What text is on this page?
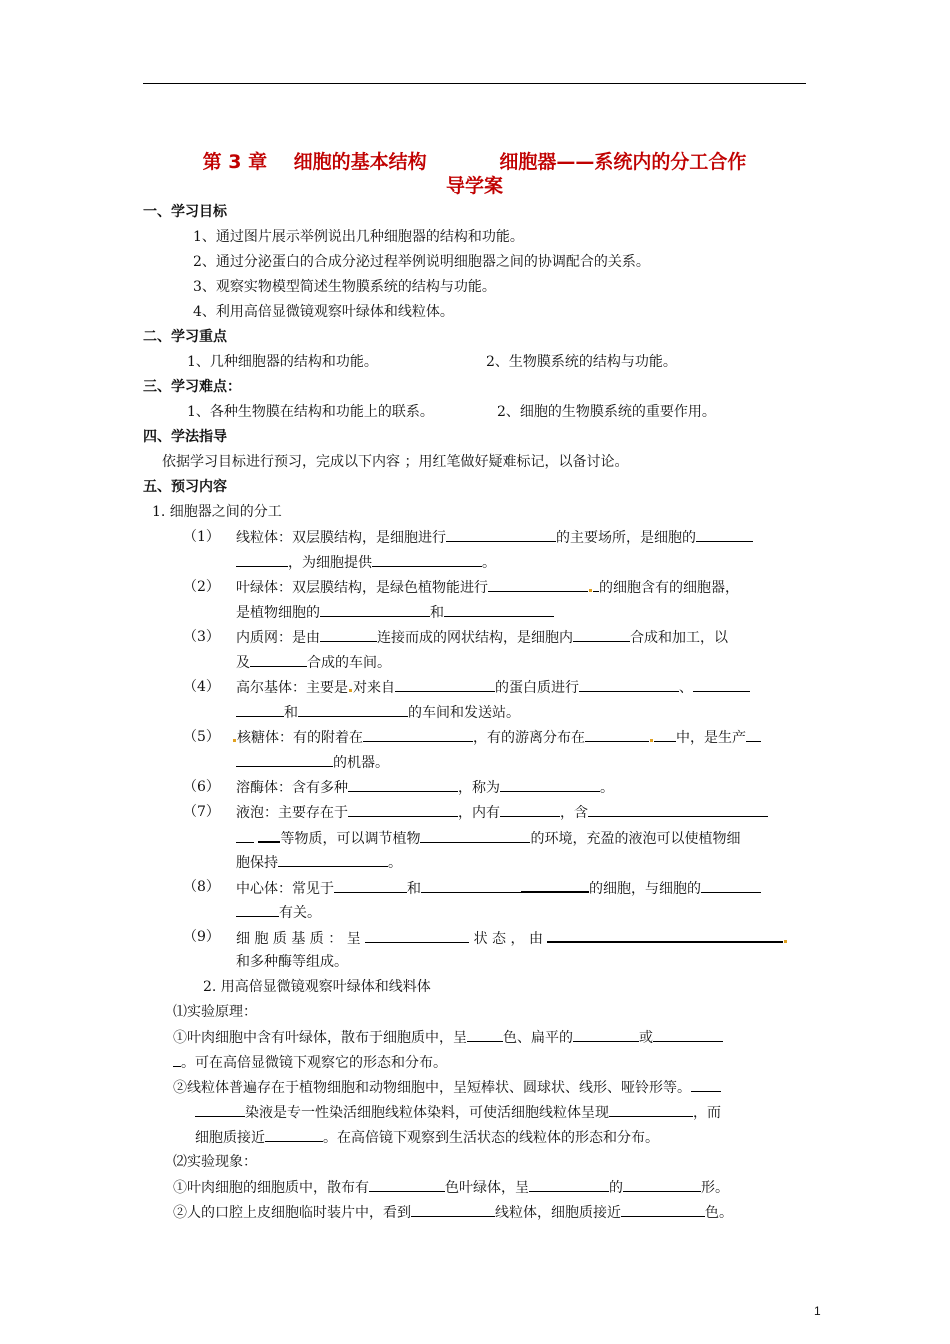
第 3 章    细胞的基本结构           细胞器——系统内的分工合作
导学案
一、学习目标
1、通过图片展示举例说出几种细胞器的结构和功能。
2、通过分泌蛋白的合成分泌过程举例说明细胞器之间的协调配合的关系。
3、观察实物模型简述生物膜系统的结构与功能。
4、利用高倍显微镜观察叶绿体和线粒体。
二、学习重点
1、几种细胞器的结构和功能。	2、生物膜系统的结构与功能。
三、学习难点：
1、各种生物膜在结构和功能上的联系。	2、细胞的生物膜系统的重要作用。
四、学法指导
依据学习目标进行预习，完成以下内容 ；用红笔做好疑难标记，以备讨论。
五、预习内容
1. 细胞器之间的分工
（1） 线粒体：双层膜结构，是细胞进行	的主要场所，是细胞的
，为细胞提供	。
（2） 叶绿体：双层膜结构，是绿色植物能进行	的细胞含有的细胞器，
是植物细胞的	和
（3） 内质网：是由	连接而成的网状结构，是细胞内	合成和加工，以
及	合成的车间。
（4） 高尔基体：主要是 对来自	的蛋白质进行	、
和	的车间和发送站。
（5）	核糖体：有的附着在	，有的游离分布在	中，是生产
的机器。
（6） 溶酶体：含有多种	，称为	。
（7） 液泡：主要存在于	，内有	，含
等物质，可以调节植物	的环境，充盈的液泡可以使植物细
胞保持	。
（8） 中心体：常见于	和	的细胞，与细胞的
有关。
（9） 细 胞 质 基 质 ： 呈	状 态 ， 由
和多种酶等组成。
2. 用高倍显微镜观察叶绿体和线料体
⑴实验原理：
①叶肉细胞中含有叶绿体，散布于细胞质中，呈	色、扁平的	或
。可在高倍显微镜下观察它的形态和分布。
②线粒体普遍存在于植物细胞和动物细胞中，呈短棒状、圆球状、线形、哑铃形等。
染液是专一性染活细胞线粒体染料，可使活细胞线粒体呈现	，而
细胞质接近	。在高倍镜下观察到生活状态的线粒体的形态和分布。
⑵实验现象：
①叶肉细胞的细胞质中，散布有	色叶绿体，呈	的	形。
②人的口腔上皮细胞临时装片中，看到	线粒体，细胞质接近	色。
1
